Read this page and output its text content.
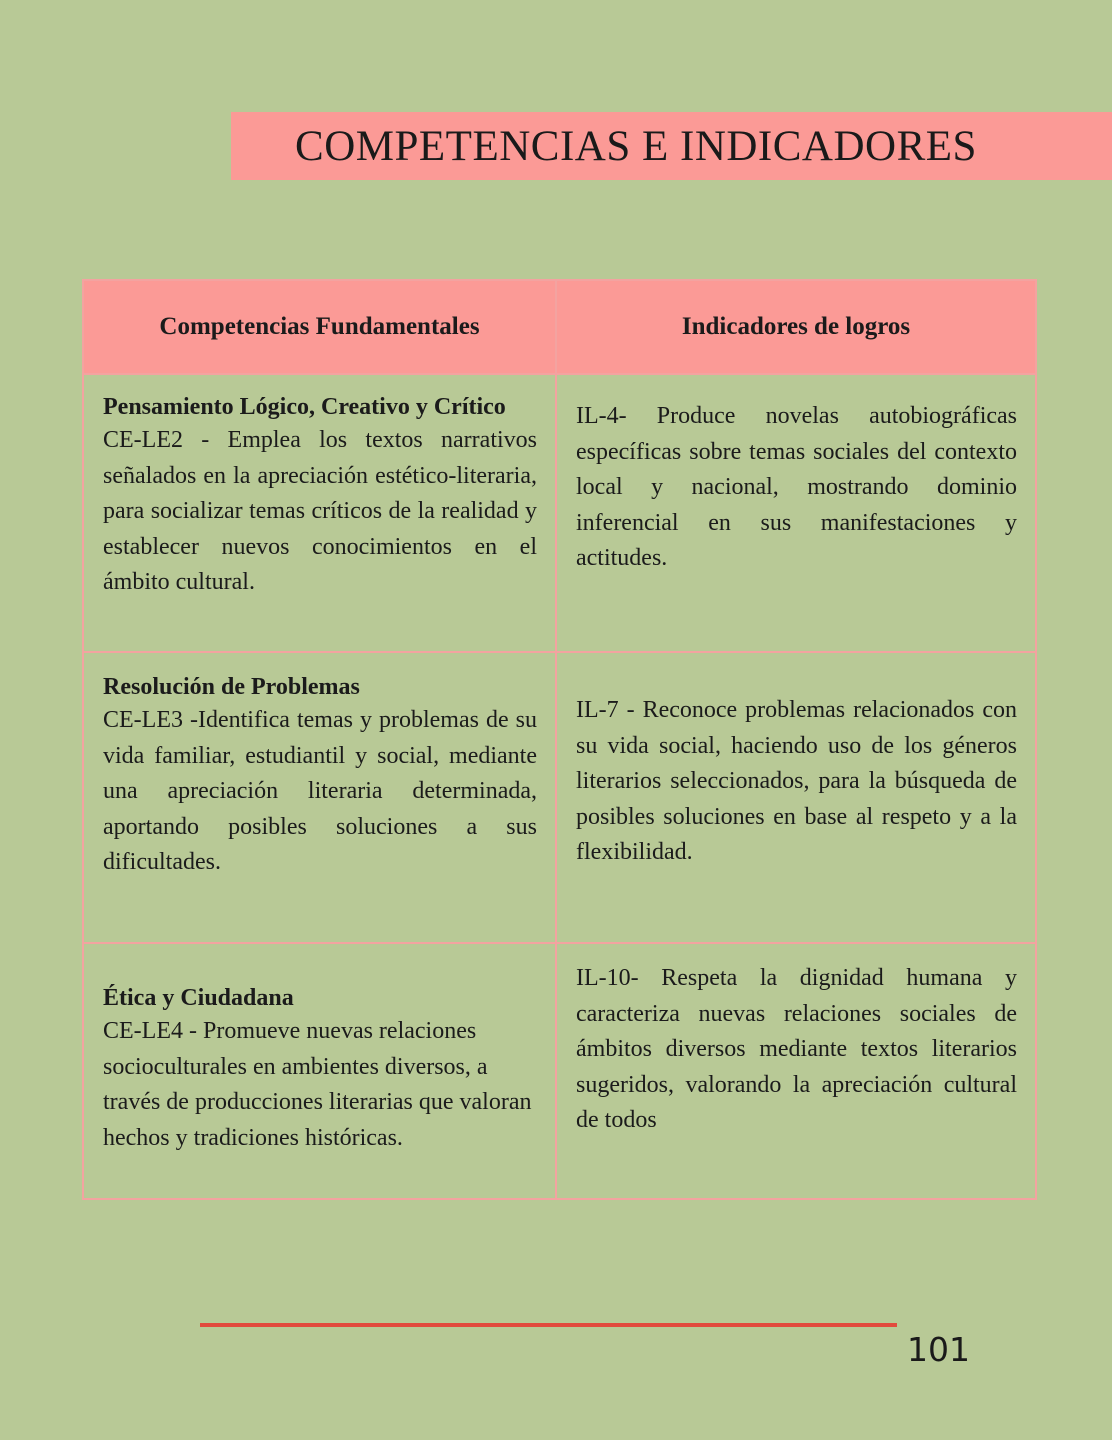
COMPETENCIAS E INDICADORES
Competencias Fundamentales	Indicadores de logros

Pensamiento Lógico, Creativo y Crítico
CE-LE2 - Emplea los textos narrativos señalados en la apreciación estético-literaria, para socializar temas críticos de la realidad y establecer nuevos conocimientos en el ámbito cultural.	IL-4- Produce novelas autobiográficas específicas sobre temas sociales del contexto local y nacional, mostrando dominio inferencial en sus manifestaciones y actitudes.

Resolución de Problemas
CE-LE3 -Identifica temas y problemas de su vida familiar, estudiantil y social, mediante una apreciación literaria determinada, aportando posibles soluciones a sus dificultades.	IL-7 - Reconoce problemas relacionados con su vida social, haciendo uso de los géneros literarios seleccionados, para la búsqueda de posibles soluciones en base al respeto y a la flexibilidad.

Ética y Ciudadana
CE-LE4 - Promueve nuevas relaciones socioculturales en ambientes diversos, a través de producciones literarias que valoran hechos y tradiciones históricas.	IL-10- Respeta la dignidad humana y caracteriza nuevas relaciones sociales de ámbitos diversos mediante textos literarios sugeridos, valorando la apreciación cultural de todos
101
